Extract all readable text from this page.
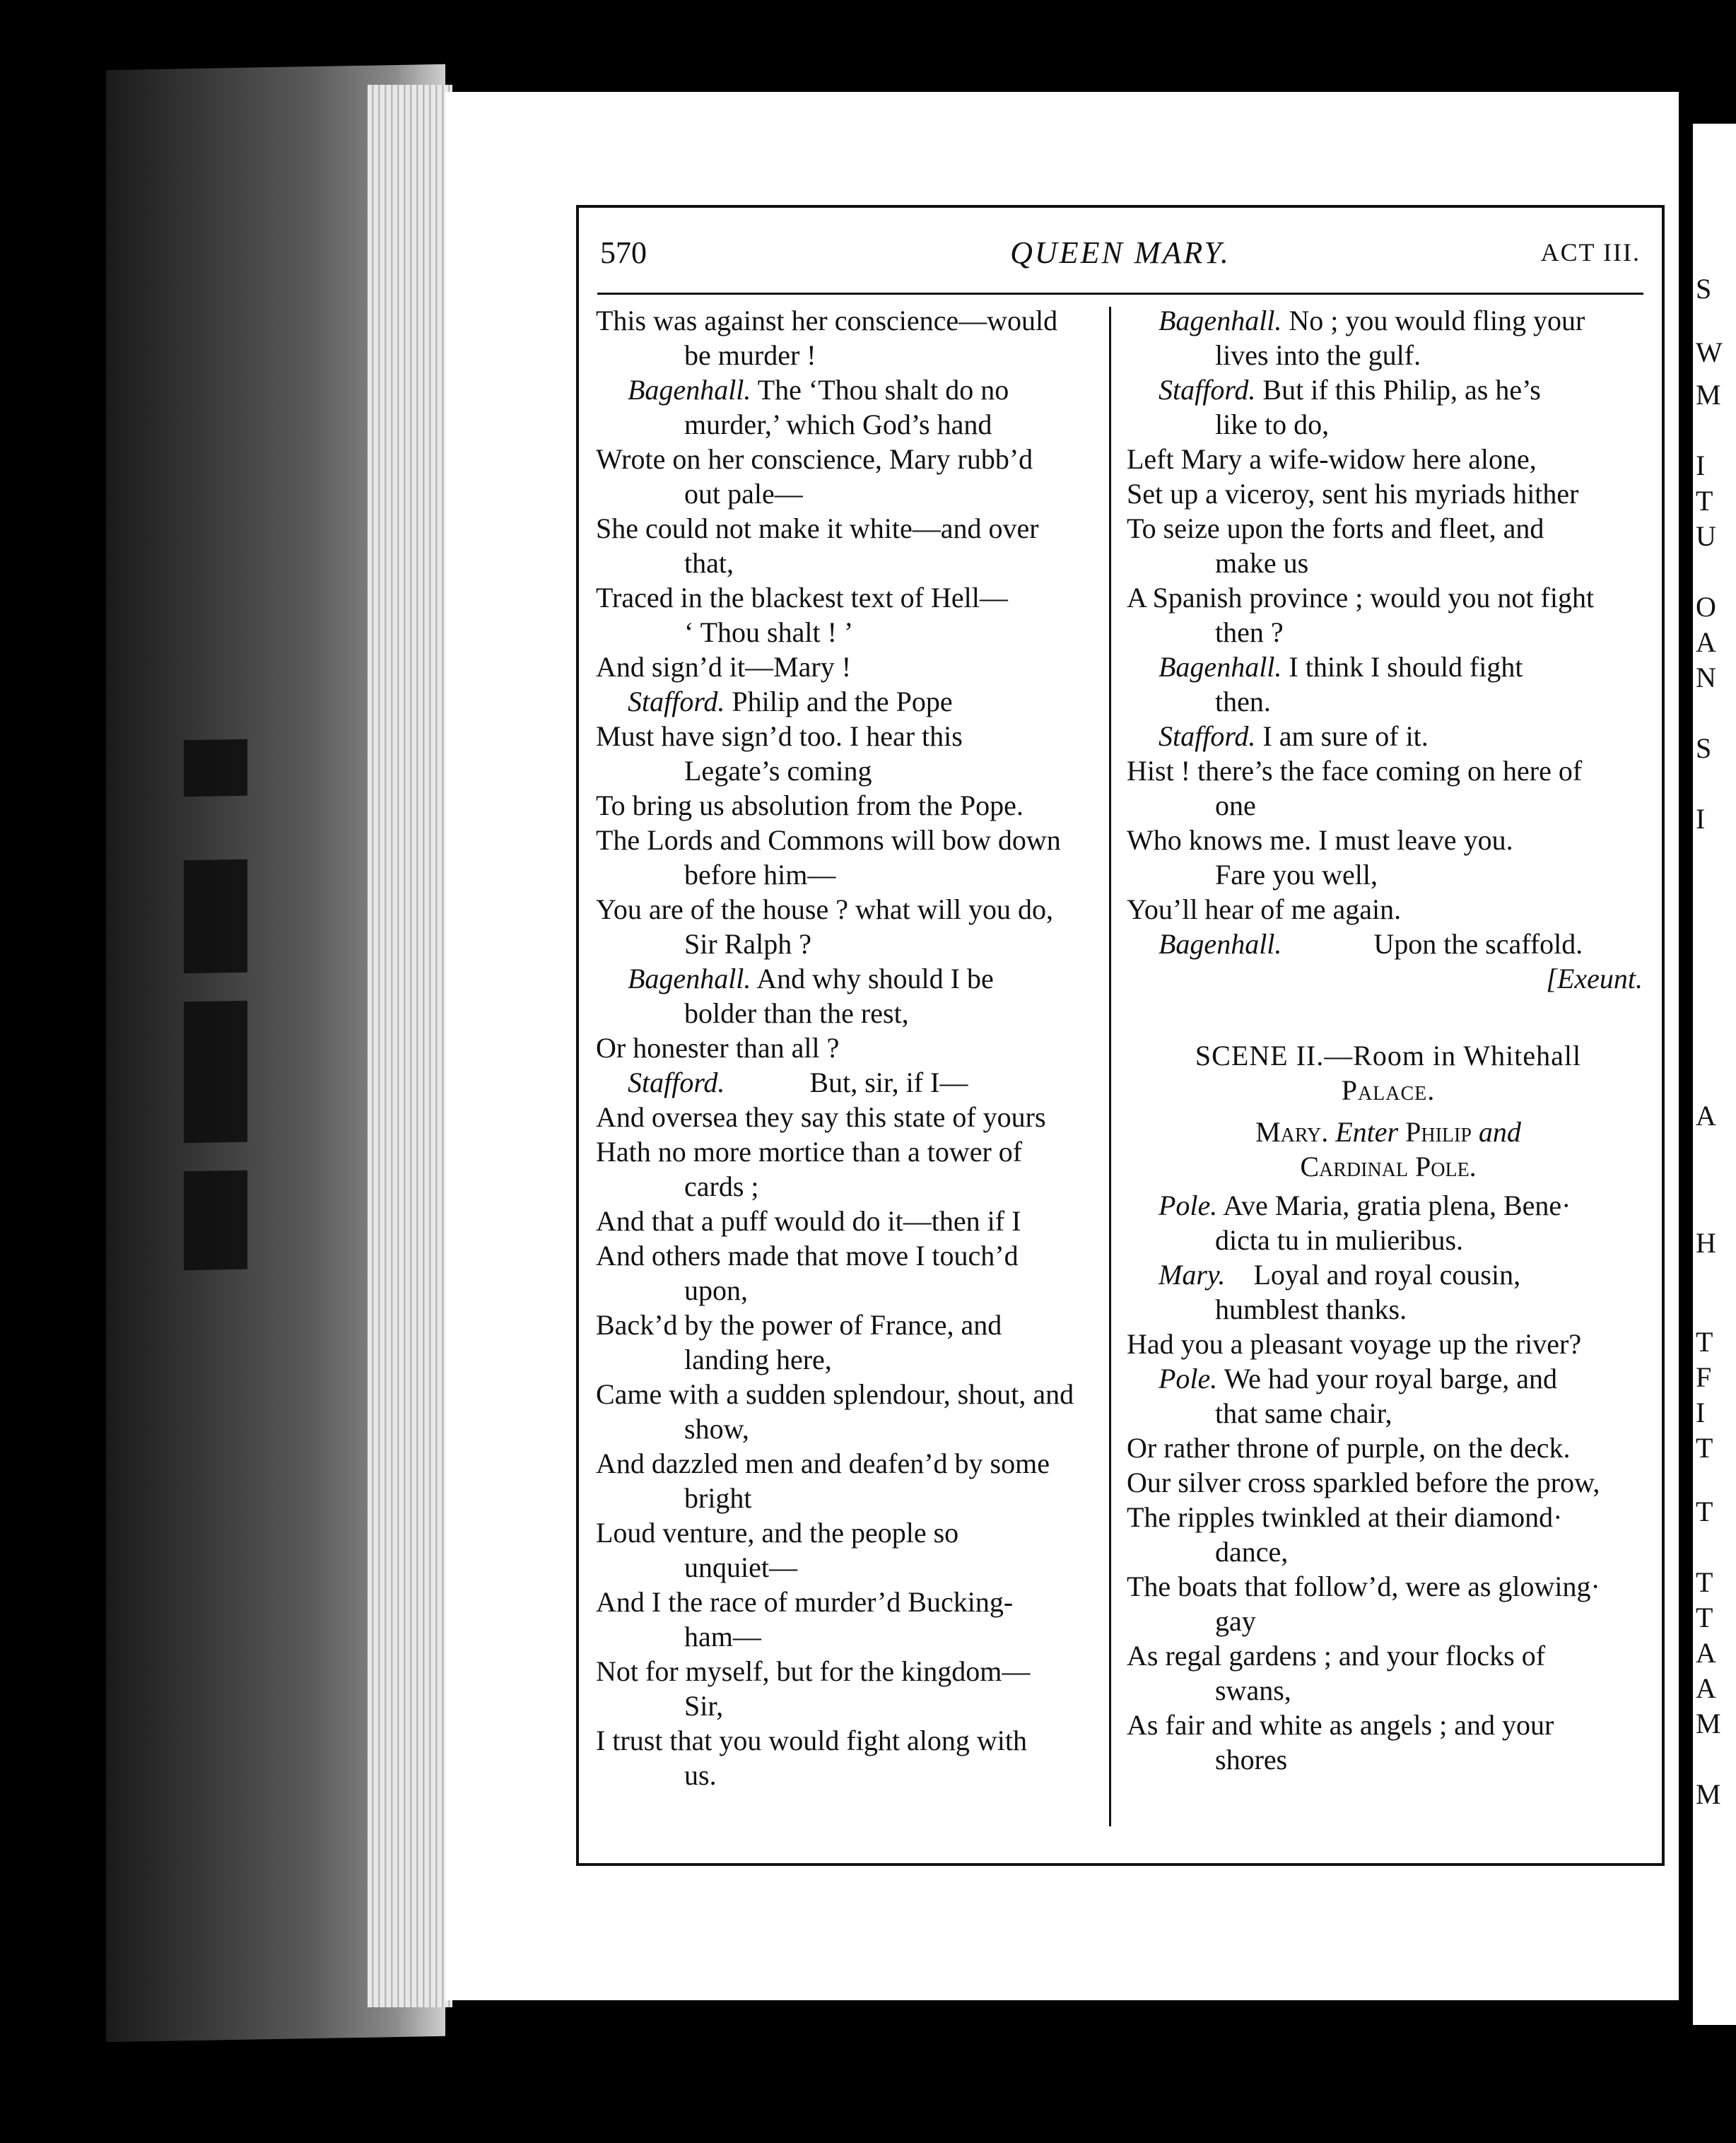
S
W
M
I
T
U
O
A
N
S
I
A
H
T
F
I
T
T
T
T
A
A
M
M
570	QUEEN MARY.	ACT III.
This was against her conscience—would
be murder !
Bagenhall. The ‘Thou shalt do no
murder,’ which God’s hand
Wrote on her conscience, Mary rubb’d
out pale—
She could not make it white—and over
that,
Traced in the blackest text of Hell—
‘ Thou shalt ! ’
And sign’d it—Mary !
Stafford. Philip and the Pope
Must have sign’d too. I hear this
Legate’s coming
To bring us absolution from the Pope.
The Lords and Commons will bow down
before him—
You are of the house ? what will you do,
Sir Ralph ?
Bagenhall. And why should I be
bolder than the rest,
Or honester than all ?
Stafford.            But, sir, if I—
And oversea they say this state of yours
Hath no more mortice than a tower of
cards ;
And that a puff would do it—then if I
And others made that move I touch’d
upon,
Back’d by the power of France, and
landing here,
Came with a sudden splendour, shout, and
show,
And dazzled men and deafen’d by some
bright
Loud venture, and the people so
unquiet—
And I the race of murder’d Bucking-
ham—
Not for myself, but for the kingdom—
Sir,
I trust that you would fight along with
us.
Bagenhall. No ; you would fling your
lives into the gulf.
Stafford. But if this Philip, as he’s
like to do,
Left Mary a wife-widow here alone,
Set up a viceroy, sent his myriads hither
To seize upon the forts and fleet, and
make us
A Spanish province ; would you not fight
then ?
Bagenhall. I think I should fight
then.
Stafford. I am sure of it.
Hist ! there’s the face coming on here of
one
Who knows me. I must leave you.
Fare you well,
You’ll hear of me again.
Bagenhall.             Upon the scaffold.
[Exeunt.
SCENE II.—Room in Whitehall
Palace.
Mary. Enter Philip and
Cardinal Pole.
Pole. Ave Maria, gratia plena, Bene·
dicta tu in mulieribus.
Mary.    Loyal and royal cousin,
humblest thanks.
Had you a pleasant voyage up the river?
Pole. We had your royal barge, and
that same chair,
Or rather throne of purple, on the deck.
Our silver cross sparkled before the prow,
The ripples twinkled at their diamond·
dance,
The boats that follow’d, were as glowing·
gay
As regal gardens ; and your flocks of
swans,
As fair and white as angels ; and your
shores
